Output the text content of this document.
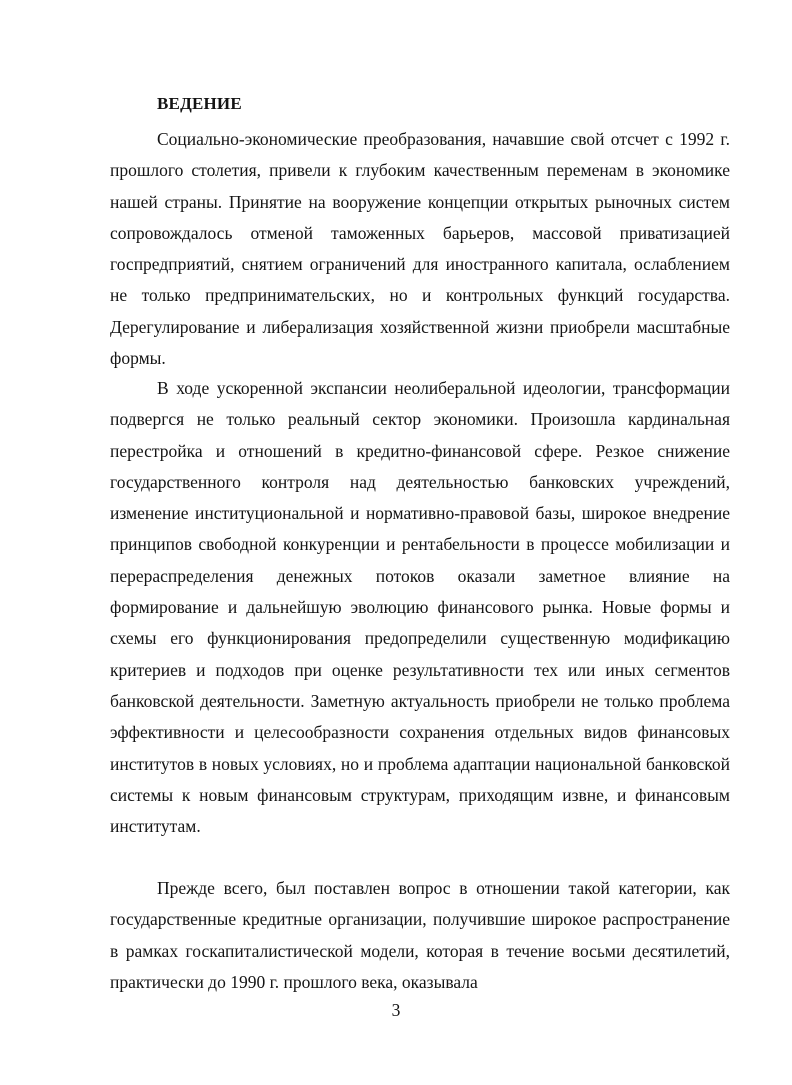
ВЕДЕНИЕ

Социально-экономические преобразования, начавшие свой отсчет с 1992 г. прошлого столетия, привели к глубоким качественным переменам в экономике нашей страны. Принятие на вооружение концепции открытых рыночных систем сопровождалось отменой таможенных барьеров, массовой приватизацией госпредприятий, снятием ограничений для иностранного капитала, ослаблением не только предпринимательских, но и контрольных функций государства. Дерегулирование и либерализация хозяйственной жизни приобрели масштабные формы.

В ходе ускоренной экспансии неолиберальной идеологии, трансформации подвергся не только реальный сектор экономики. Произошла кардинальная перестройка и отношений в кредитно-финансовой сфере. Резкое снижение государственного контроля над деятельностью банковских учреждений, изменение институциональной и нормативно-правовой базы, широкое внедрение принципов свободной конкуренции и рентабельности в процессе мобилизации и перераспределения денежных потоков оказали заметное влияние на формирование и дальнейшую эволюцию финансового рынка. Новые формы и схемы его функционирования предопределили существенную модификацию критериев и подходов при оценке результативности тех или иных сегментов банковской деятельности. Заметную актуальность приобрели не только проблема эффективности и целесообразности сохранения отдельных видов финансовых институтов в новых условиях, но и проблема адаптации национальной банковской системы к новым финансовым структурам, приходящим извне, и финансовым институтам.

Прежде всего, был поставлен вопрос в отношении такой категории, как государственные кредитные организации, получившие широкое распространение в рамках госкапиталистической модели, которая в течение восьми десятилетий, практически до 1990 г. прошлого века, оказывала

3
